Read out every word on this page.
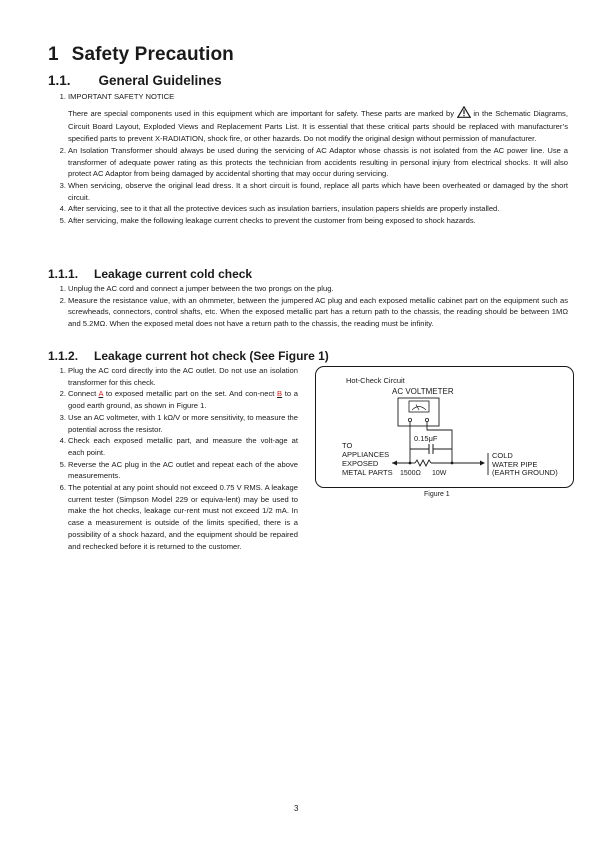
1 Safety Precaution
1.1. General Guidelines
1. IMPORTANT SAFETY NOTICE
There are special components used in this equipment which are important for safety. These parts are marked by	in the Schematic Diagrams, Circuit Board Layout, Exploded Views and Replacement Parts List. It is essential that these critical parts should be replaced with manufacturer’s specified parts to prevent X-RADIATION, shock fire, or other hazards. Do not modify the original design without permission of manufacturer.
2. An Isolation Transformer should always be used during the servicing of AC Adaptor whose chassis is not isolated from the AC power line. Use a transformer of adequate power rating as this protects the technician from accidents resulting in personal injury from electrical shocks. It will also protect AC Adaptor from being damaged by accidental shorting that may occur during servicing.
3. When servicing, observe the original lead dress. It a short circuit is found, replace all parts which have been overheated or damaged by the short circuit.
4. After servicing, see to it that all the protective devices such as insulation barriers, insulation papers shields are properly installed.
5. After servicing, make the following leakage current checks to prevent the customer from being exposed to shock hazards.
1.1.1. Leakage current cold check
1. Unplug the AC cord and connect a jumper between the two prongs on the plug.
2. Measure the resistance value, with an ohmmeter, between the jumpered AC plug and each exposed metallic cabinet part on the equipment such as screwheads, connectors, control shafts, etc. When the exposed metallic part has a return path to the chassis, the reading should be between 1MΩ and 5.2MΩ. When the exposed metal does not have a return path to the chassis, the reading must be infinity.
1.1.2. Leakage current hot check (See Figure 1)
1. Plug the AC cord directly into the AC outlet. Do not use an isolation transformer for this check.
2. Connect A to exposed metallic part on the set. And con-nect B to a good earth ground, as shown in Figure 1.
3. Use an AC voltmeter, with 1 kΩ/V or more sensitivity, to measure the potential across the resistor.
4. Check each exposed metallic part, and measure the volt-age at each point.
5. Reverse the AC plug in the AC outlet and repeat each of the above measurements.
6. The potential at any point should not exceed 0.75 V RMS. A leakage current tester (Simpson Model 229 or equiva-lent) may be used to make the hot checks, leakage cur-rent must not exceed 1/2 mA. In case a measurement is outside of the limits specified, there is a possibility of a shock hazard, and the equipment should be repaired and rechecked before it is returned to the customer.
Hot-Check Circuit
AC VOLTMETER
0.15μF
TO
APPLIANCES
EXPOSED
METAL PARTS 1500Ω 10W
COLD
WATER PIPE
(EARTH GROUND)
Figure 1
3
